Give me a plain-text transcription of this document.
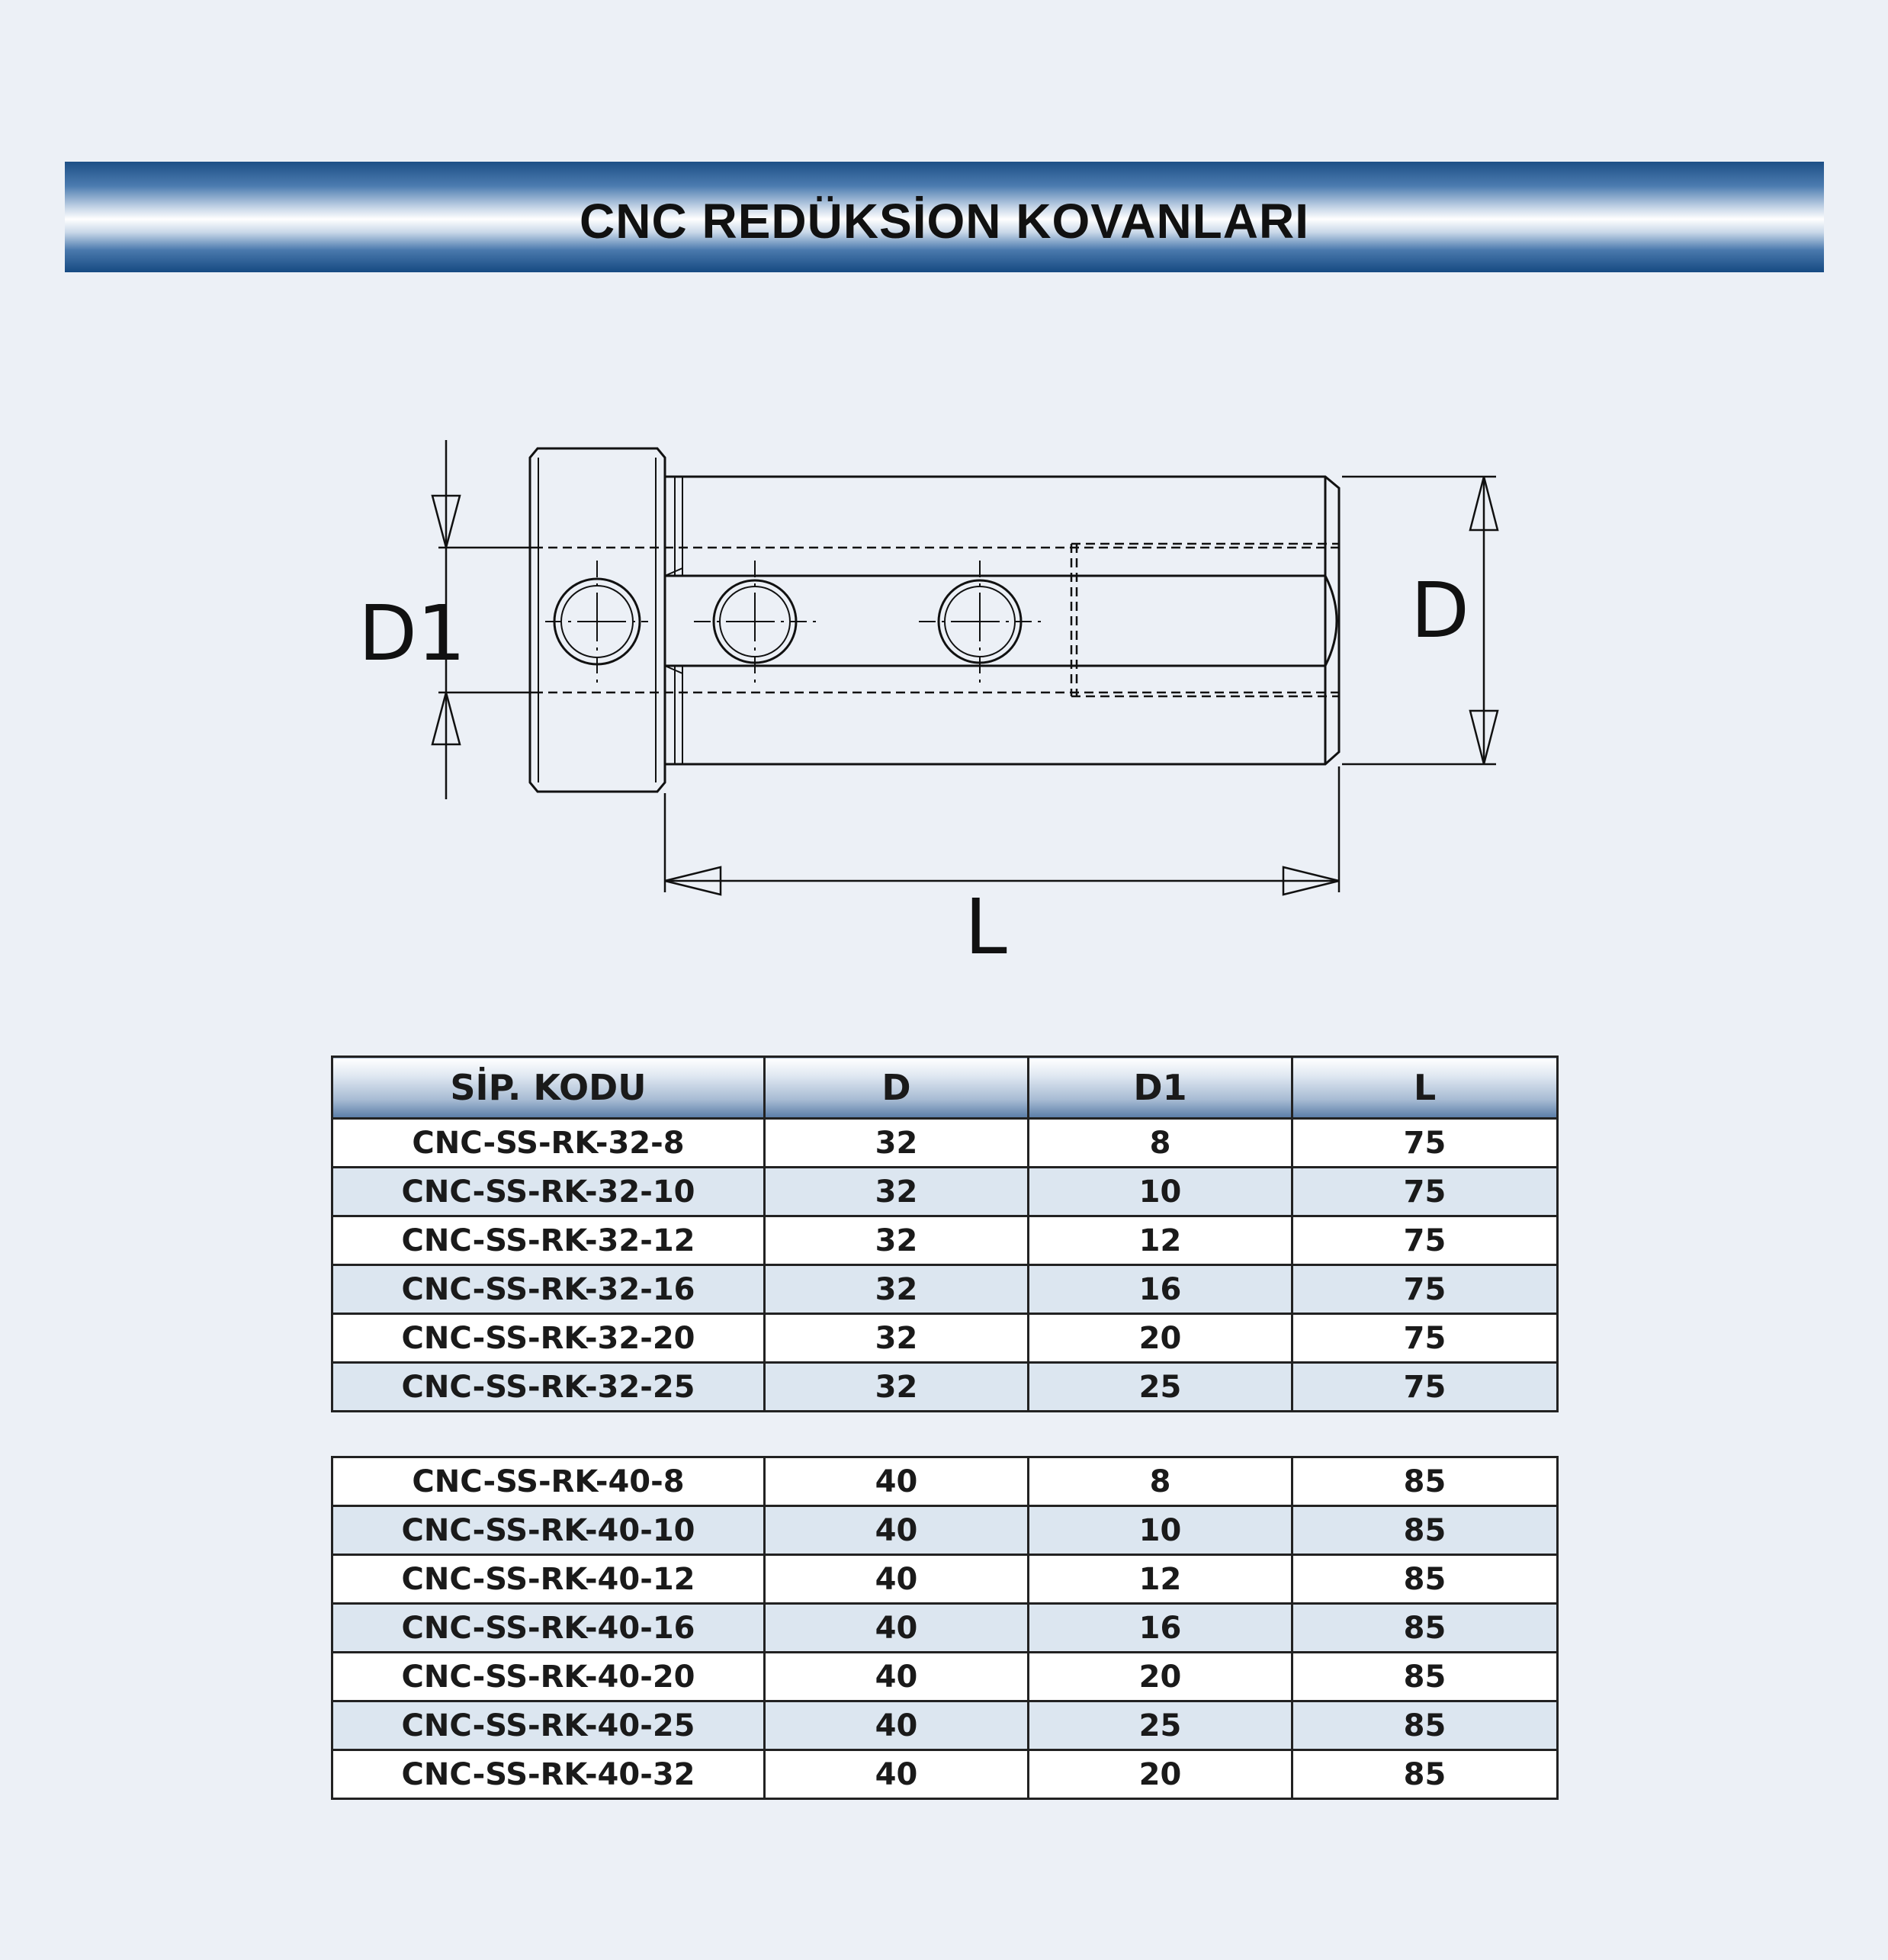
CNC REDÜKSİON KOVANLARI
D1	D
L
SİP. KODU	D	D1	L
CNC-SS-RK-32-8	32	8	75
CNC-SS-RK-32-10	32	10	75
CNC-SS-RK-32-12	32	12	75
CNC-SS-RK-32-16	32	16	75
CNC-SS-RK-32-20	32	20	75
CNC-SS-RK-32-25	32	25	75
CNC-SS-RK-40-8	40	8	85
CNC-SS-RK-40-10	40	10	85
CNC-SS-RK-40-12	40	12	85
CNC-SS-RK-40-16	40	16	85
CNC-SS-RK-40-20	40	20	85
CNC-SS-RK-40-25	40	25	85
CNC-SS-RK-40-32	40	20	85
